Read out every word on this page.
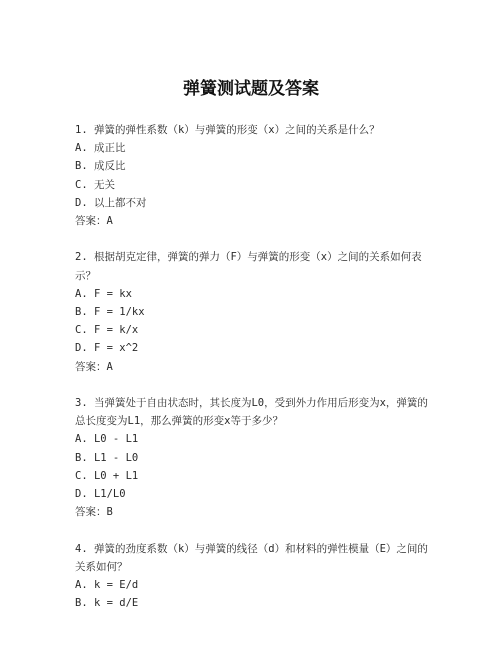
弹簧测试题及答案
1. 弹簧的弹性系数（k）与弹簧的形变（x）之间的关系是什么？
A. 成正比
B. 成反比
C. 无关
D. 以上都不对
答案：A
2. 根据胡克定律，弹簧的弹力（F）与弹簧的形变（x）之间的关系如何表示？
A. F = kx
B. F = 1/kx
C. F = k/x
D. F = x^2
答案：A
3. 当弹簧处于自由状态时，其长度为L0，受到外力作用后形变为x，弹簧的总长度变为L1，那么弹簧的形变x等于多少？
A. L0 - L1
B. L1 - L0
C. L0 + L1
D. L1/L0
答案：B
4. 弹簧的劲度系数（k）与弹簧的线径（d）和材料的弹性模量（E）之间的关系如何？
A. k = E/d
B. k = d/E
